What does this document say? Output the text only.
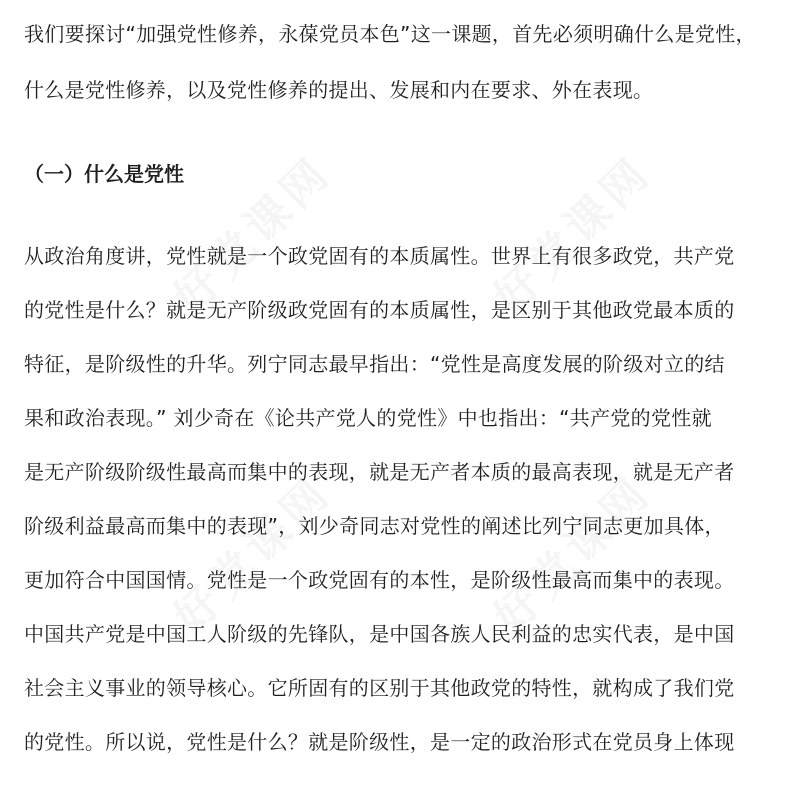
好党课网	好党课网
好党课网	好党课网
我们要探讨“加强党性修养，永葆党员本色”这一课题，首先必须明确什么是党性，
什么是党性修养，以及党性修养的提出、发展和内在要求、外在表现。
（一）什么是党性
从政治角度讲，党性就是一个政党固有的本质属性。世界上有很多政党，共产党
的党性是什么？就是无产阶级政党固有的本质属性，是区别于其他政党最本质的
特征，是阶级性的升华。列宁同志最早指出：“党性是高度发展的阶级对立的结
果和政治表现。” 刘少奇在《论共产党人的党性》中也指出：“共产党的党性就
是无产阶级阶级性最高而集中的表现，就是无产者本质的最高表现，就是无产者
阶级利益最高而集中的表现”，刘少奇同志对党性的阐述比列宁同志更加具体，
更加符合中国国情。党性是一个政党固有的本性，是阶级性最高而集中的表现。
中国共产党是中国工人阶级的先锋队，是中国各族人民利益的忠实代表，是中国
社会主义事业的领导核心。它所固有的区别于其他政党的特性，就构成了我们党
的党性。所以说，党性是什么？就是阶级性，是一定的政治形式在党员身上体现
